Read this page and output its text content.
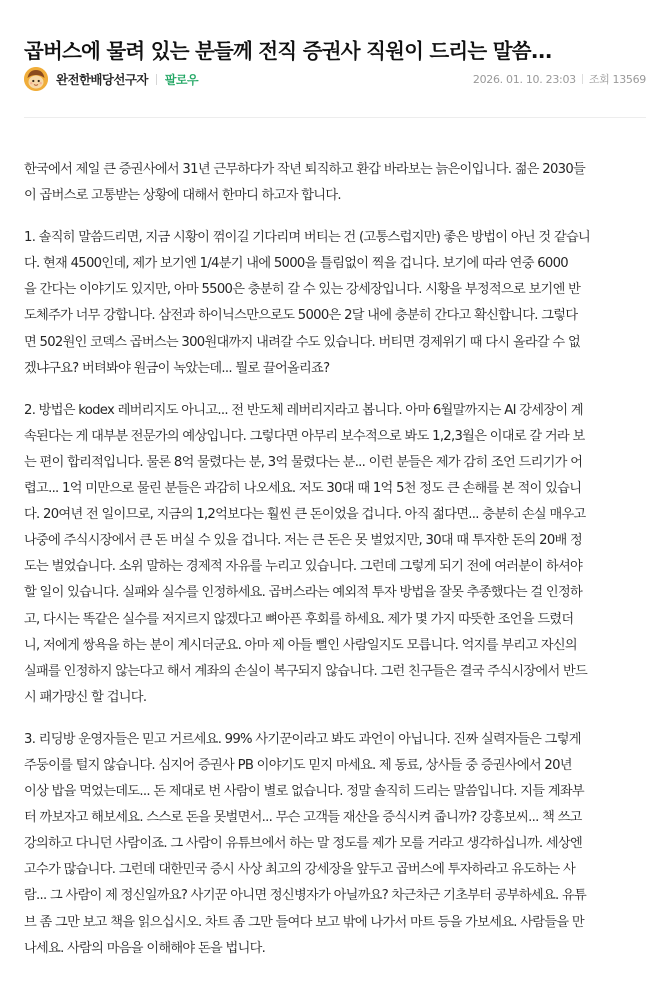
곱버스에 물려 있는 분들께 전직 증권사 직원이 드리는 말씀...
완전한배당선구자 팔로우	2026. 01. 10. 23:03 조회 13569

한국에서 제일 큰 증권사에서 31년 근무하다가 작년 퇴직하고 환갑 바라보는 늙은이입니다. 젊은 2030들
이 곱버스로 고통받는 상황에 대해서 한마디 하고자 합니다.

1. 솔직히 말씀드리면, 지금 시황이 꺾이길 기다리며 버티는 건 (고통스럽지만) 좋은 방법이 아닌 것 같습니
다. 현재 4500인데, 제가 보기엔 1/4분기 내에 5000을 틀림없이 찍을 겁니다. 보기에 따라 연중 6000
을 간다는 이야기도 있지만, 아마 5500은 충분히 갈 수 있는 강세장입니다. 시황을 부정적으로 보기엔 반
도체주가 너무 강합니다. 삼전과 하이닉스만으로도 5000은 2달 내에 충분히 간다고 확신합니다. 그렇다
면 502원인 코덱스 곱버스는 300원대까지 내려갈 수도 있습니다. 버티면 경제위기 때 다시 올라갈 수 없
겠냐구요? 버텨봐야 원금이 녹았는데... 뭘로 끌어올리죠?

2. 방법은 kodex 레버리지도 아니고... 전 반도체 레버리지라고 봅니다. 아마 6월말까지는 AI 강세장이 계
속된다는 게 대부분 전문가의 예상입니다. 그렇다면 아무리 보수적으로 봐도 1,2,3월은 이대로 갈 거라 보
는 편이 합리적입니다. 물론 8억 물렸다는 분, 3억 물렸다는 분... 이런 분들은 제가 감히 조언 드리기가 어
렵고... 1억 미만으로 물린 분들은 과감히 나오세요. 저도 30대 때 1억 5천 정도 큰 손해를 본 적이 있습니
다. 20여년 전 일이므로, 지금의 1,2억보다는 훨씬 큰 돈이었을 겁니다. 아직 젊다면... 충분히 손실 매우고
나중에 주식시장에서 큰 돈 버실 수 있을 겁니다. 저는 큰 돈은 못 벌었지만, 30대 때 투자한 돈의 20배 정
도는 벌었습니다. 소위 말하는 경제적 자유를 누리고 있습니다. 그런데 그렇게 되기 전에 여러분이 하셔야
할 일이 있습니다. 실패와 실수를 인정하세요. 곱버스라는 예외적 투자 방법을 잘못 추종했다는 걸 인정하
고, 다시는 똑같은 실수를 저지르지 않겠다고 뼈아픈 후회를 하세요. 제가 몇 가지 따뜻한 조언을 드렸더
니, 저에게 쌍욕을 하는 분이 계시더군요. 아마 제 아들 뻘인 사람일지도 모릅니다. 억지를 부리고 자신의
실패를 인정하지 않는다고 해서 계좌의 손실이 복구되지 않습니다. 그런 친구들은 결국 주식시장에서 반드
시 패가망신 할 겁니다.

3. 리딩방 운영자들은 믿고 거르세요. 99% 사기꾼이라고 봐도 과언이 아닙니다. 진짜 실력자들은 그렇게
주둥이를 털지 않습니다. 심지어 증권사 PB 이야기도 믿지 마세요. 제 동료, 상사들 중 증권사에서 20년
이상 밥을 먹었는데도... 돈 제대로 번 사람이 별로 없습니다. 정말 솔직히 드리는 말씀입니다. 지들 계좌부
터 까보자고 해보세요. 스스로 돈을 못벌면서... 무슨 고객들 재산을 증식시켜 줍니까? 강흥보씨... 책 쓰고
강의하고 다니던 사람이죠. 그 사람이 유튜브에서 하는 말 정도를 제가 모를 거라고 생각하십니까. 세상엔
고수가 많습니다. 그런데 대한민국 증시 사상 최고의 강세장을 앞두고 곱버스에 투자하라고 유도하는 사
람... 그 사람이 제 정신일까요? 사기꾼 아니면 정신병자가 아닐까요? 차근차근 기초부터 공부하세요. 유튜
브 좀 그만 보고 책을 읽으십시오. 차트 좀 그만 들여다 보고 밖에 나가서 마트 등을 가보세요. 사람들을 만
나세요. 사람의 마음을 이해해야 돈을 법니다.
